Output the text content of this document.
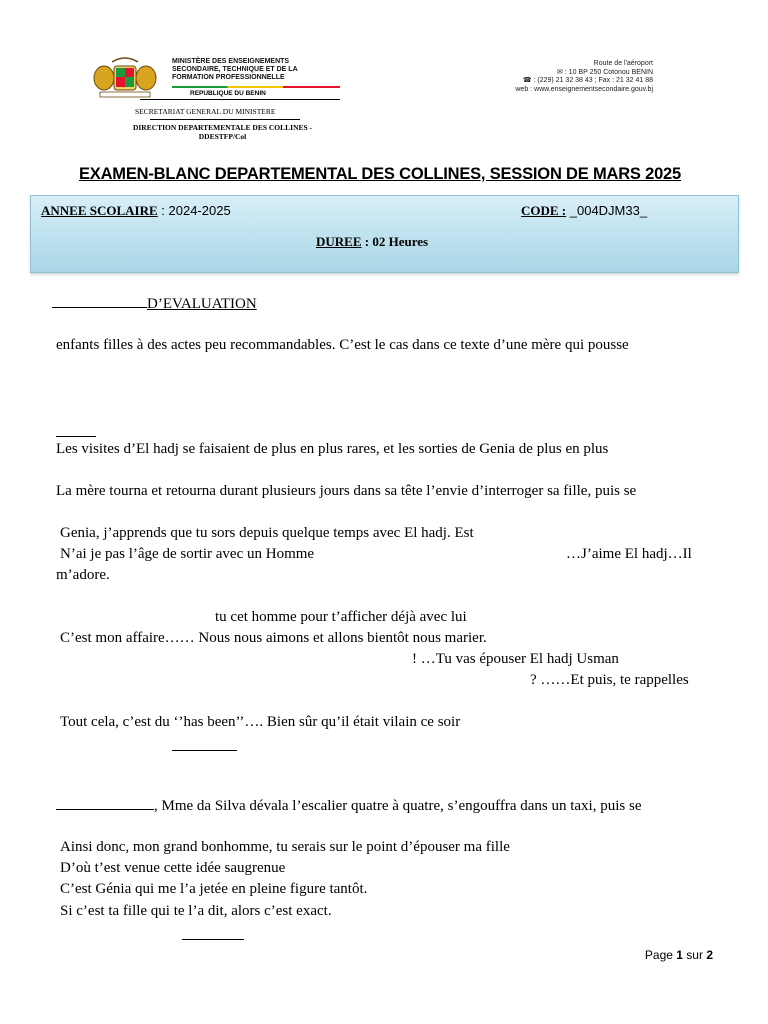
MINISTÈRE DES ENSEIGNEMENTS
SECONDAIRE, TECHNIQUE ET DE LA
FORMATION PROFESSIONNELLE
REPUBLIQUE DU BENIN
SECRETARIAT GENERAL DU MINISTERE
DIRECTION DEPARTEMENTALE DES COLLINES - DDESTFP/Col
Route de l'aéroport
✉ : 10 BP 250 Cotonou BENIN
☎ : (229) 21 32 38 43 ; Fax : 21 32 41 88
web : www.enseignementsecondaire.gouv.bj
EXAMEN-BLANC DEPARTEMENTAL DES COLLINES, SESSION DE MARS 2025
ANNEE SCOLAIRE : 2024-2025	CODE : _004DJM33_
DUREE : 02 Heures
D’EVALUATION
enfants filles à des actes peu recommandables. C’est le cas dans ce texte d’une mère qui pousse
Les visites d’El hadj se faisaient de plus en plus rares, et les sorties de Genia de plus en plus
La mère tourna et retourna durant plusieurs jours dans sa tête l’envie d’interroger sa fille, puis se
Genia, j’apprends que tu sors depuis quelque temps avec El hadj. Est
N’ai je pas l’âge de sortir avec un Homme	…J’aime El hadj…Il
m’adore.
tu cet homme pour t’afficher déjà avec lui
C’est mon affaire…… Nous nous aimons et allons bientôt nous marier.
! …Tu vas épouser El hadj Usman
? ……Et puis, te rappelles
Tout cela, c’est du ‘’has been’’…. Bien sûr qu’il était vilain ce soir
, Mme da Silva dévala l’escalier quatre à quatre, s’engouffra dans un taxi, puis se
Ainsi donc, mon grand bonhomme, tu serais sur le point d’épouser ma fille
D’où t’est venue cette idée saugrenue
C’est Génia qui me l’a jetée en pleine figure tantôt.
Si c’est ta fille qui te l’a dit, alors c’est exact.
Page 1 sur 2
